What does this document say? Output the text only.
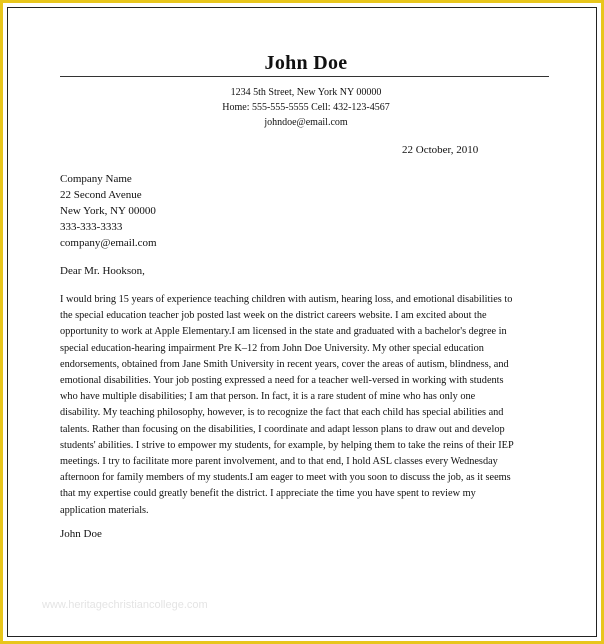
John Doe
1234 5th Street, New York NY 00000
Home: 555-555-5555 Cell: 432-123-4567
johndoe@email.com
22 October, 2010
Company Name
22 Second Avenue
New York, NY 00000
333-333-3333
company@email.com
Dear Mr. Hookson,
I would bring 15 years of experience teaching children with autism, hearing loss, and emotional disabilities to
the special education teacher job posted last week on the district careers website. I am excited about the
opportunity to work at Apple Elementary.I am licensed in the state and graduated with a bachelor's degree in
special education-hearing impairment Pre K–12 from John Doe University. My other special education
endorsements, obtained from Jane Smith University in recent years, cover the areas of autism, blindness, and
emotional disabilities. Your job posting expressed a need for a teacher well-versed in working with students
who have multiple disabilities; I am that person. In fact, it is a rare student of mine who has only one
disability. My teaching philosophy, however, is to recognize the fact that each child has special abilities and
talents. Rather than focusing on the disabilities, I coordinate and adapt lesson plans to draw out and develop
students' abilities. I strive to empower my students, for example, by helping them to take the reins of their IEP
meetings. I try to facilitate more parent involvement, and to that end, I hold ASL classes every Wednesday
afternoon for family members of my students.I am eager to meet with you soon to discuss the job, as it seems
that my expertise could greatly benefit the district. I appreciate the time you have spent to review my
application materials.
John Doe
www.heritagechristiancollege.com
